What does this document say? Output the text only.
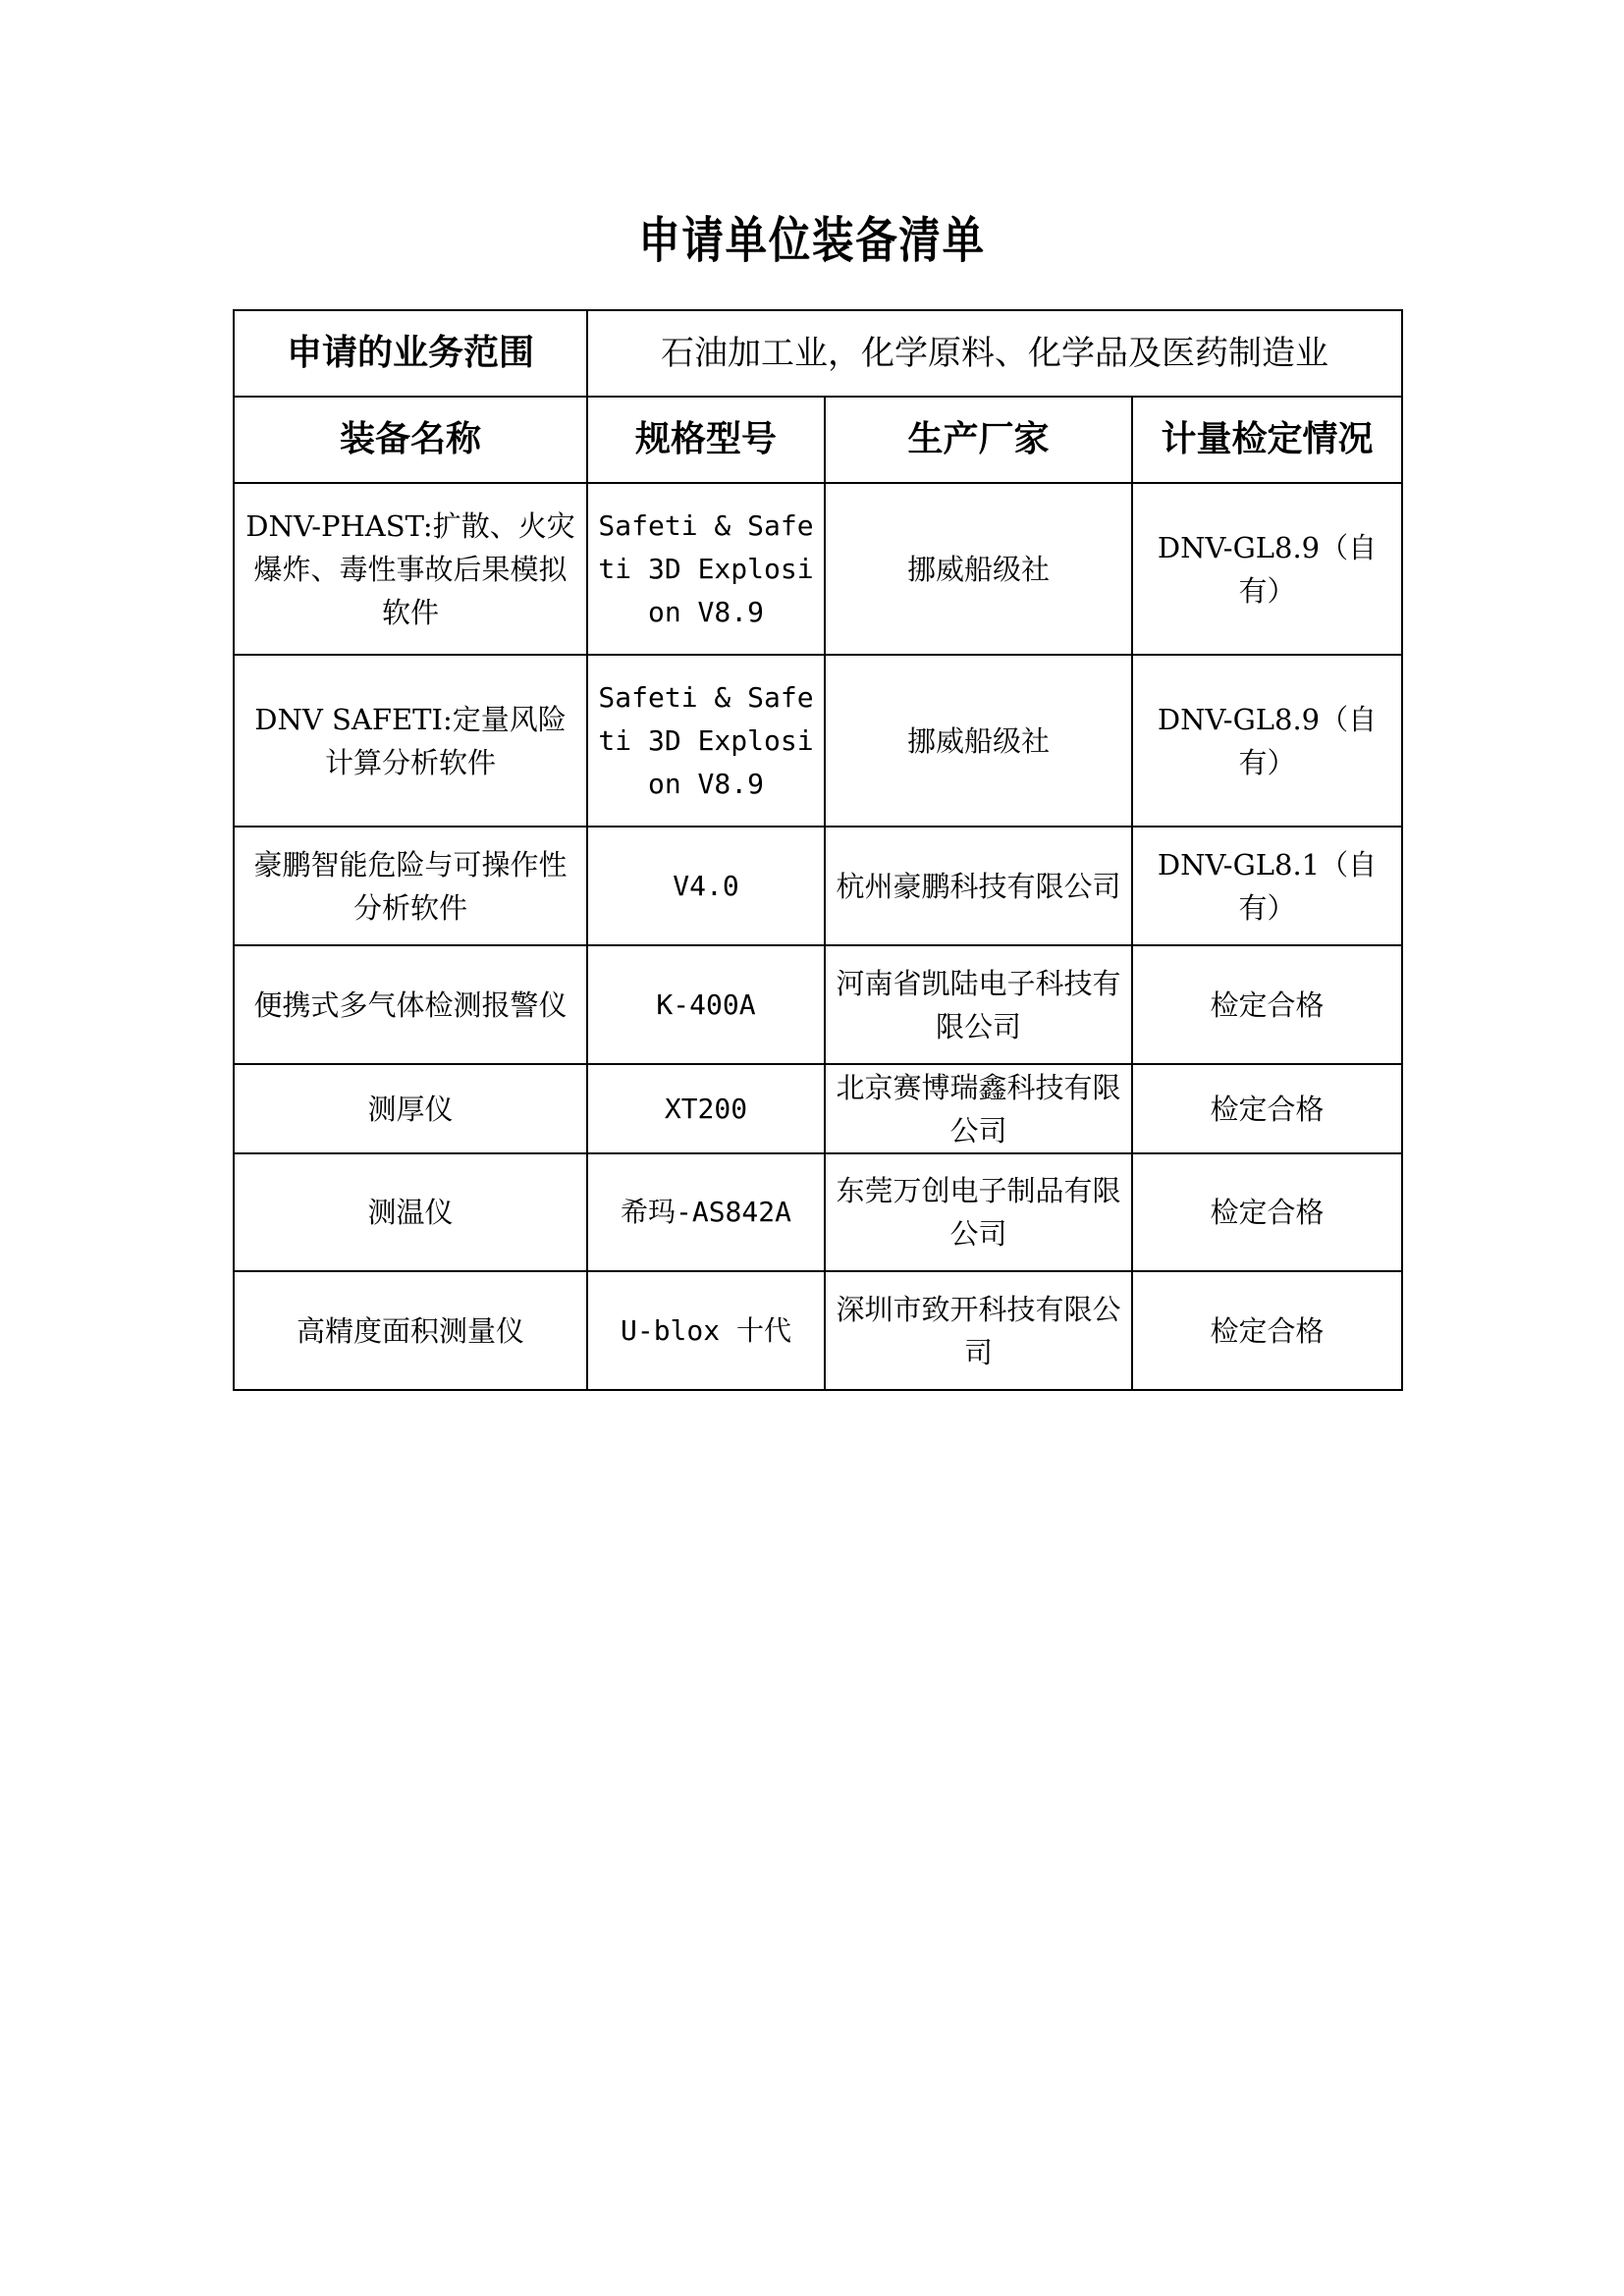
申请单位装备清单
申请的业务范围	石油加工业，化学原料、化学品及医药制造业		
装备名称	规格型号	生产厂家	计量检定情况
DNV-PHAST:扩散、火灾爆炸、毒性事故后果模拟软件	Safeti & Safeti 3D Explosion V8.9	挪威船级社	DNV-GL8.9（自有）
DNV SAFETI:定量风险计算分析软件	Safeti & Safeti 3D Explosion V8.9	挪威船级社	DNV-GL8.9（自有）
豪鹏智能危险与可操作性分析软件	V4.0	杭州豪鹏科技有限公司	DNV-GL8.1（自有）
便携式多气体检测报警仪	K-400A	河南省凯陆电子科技有限公司	检定合格
测厚仪	XT200	北京赛博瑞鑫科技有限公司	检定合格
测温仪	希玛-AS842A	东莞万创电子制品有限公司	检定合格
高精度面积测量仪	U-blox 十代	深圳市致开科技有限公司	检定合格
